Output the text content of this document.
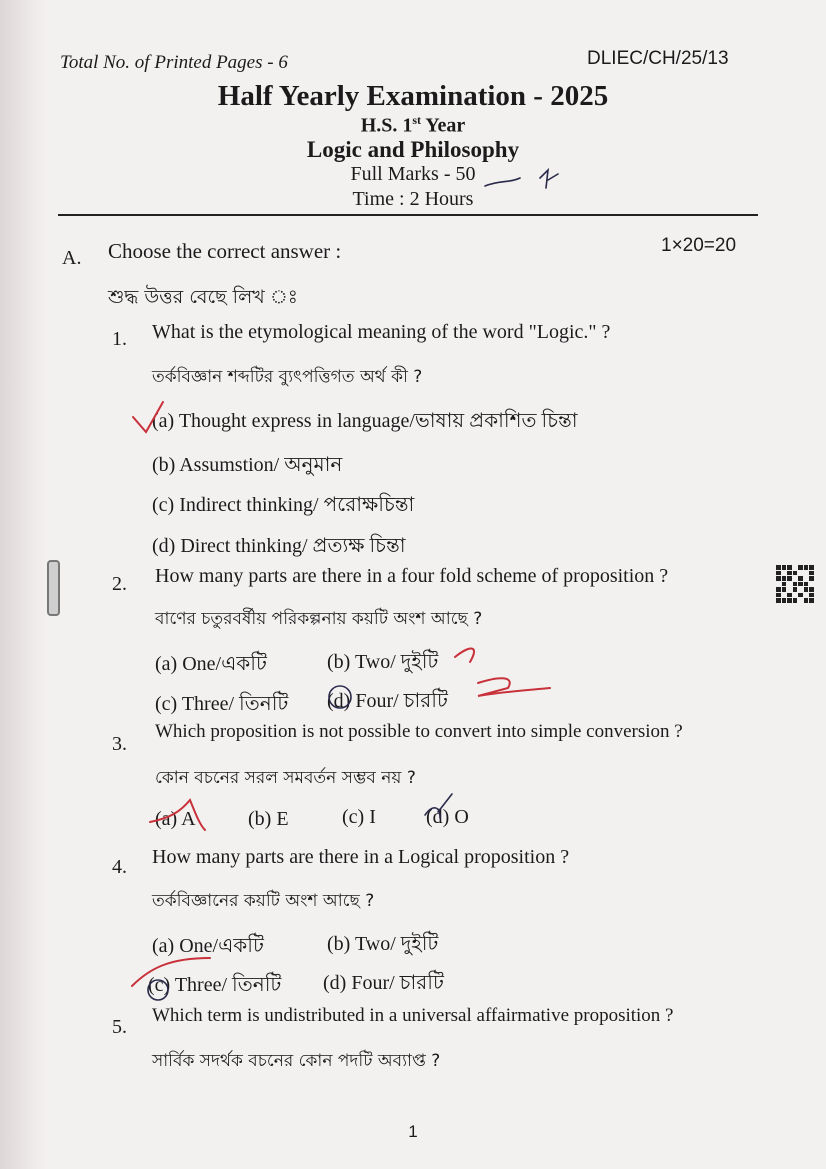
Total No. of Printed Pages - 6	DLIEC/CH/25/13
Half Yearly Examination - 2025
H.S. 1st Year
Logic and Philosophy
Full Marks - 50
Time : 2 Hours
A. Choose the correct answer :	1×20=20
শুদ্ধ উত্তর বেছে লিখ ঃ
1. What is the etymological meaning of the word "Logic." ?
তর্কবিজ্ঞান শব্দটির ব্যুৎপত্তিগত অর্থ কী ?
(a) Thought express in language/ভাষায় প্রকাশিত চিন্তা
(b) Assumstion/ অনুমান
(c) Indirect thinking/ পরোক্ষচিন্তা
(d) Direct thinking/ প্রত্যক্ষ চিন্তা
2. How many parts are there in a four fold scheme of proposition ?
বাণের চতুরবর্ষীয় পরিকল্পনায় কয়টি অংশ আছে ?
(a) One/একটি	(b) Two/ দুইটি
(c) Three/ তিনটি (d) Four/ চারটি
3.
Which proposition is not possible to convert into simple conversion ?
কোন বচনের সরল সমবর্তন সম্ভব নয় ?
(a) A	(b) E	(c) I	(d) O
4. How many parts are there in a Logical proposition ?
তর্কবিজ্ঞানের কয়টি অংশ আছে ?
(a) One/একটি	(b) Two/ দুইটি
(c) Three/ তিনটি (d) Four/ চারটি
5.
Which term is undistributed in a universal affairmative proposition ?
সার্বিক সদর্থক বচনের কোন পদটি অব্যাপ্ত ?
1
